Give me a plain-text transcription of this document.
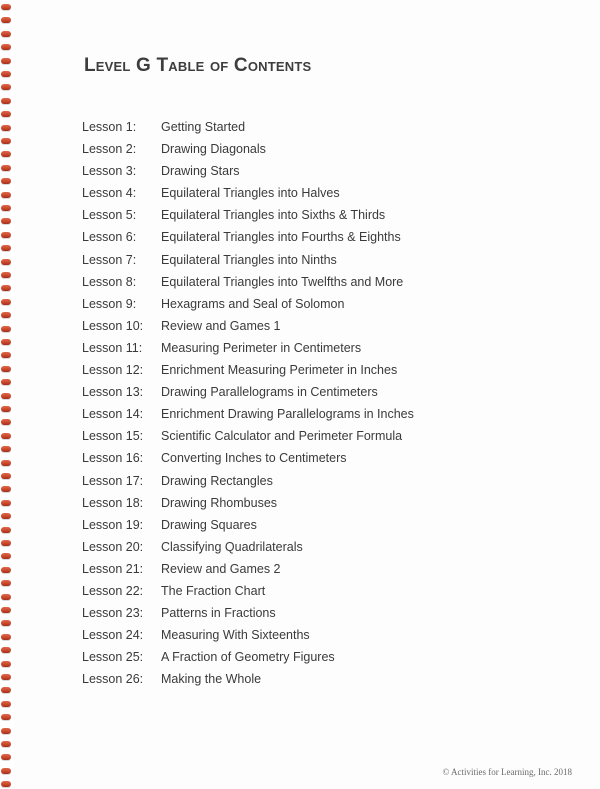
Level G Table of Contents
Lesson 1: Getting Started
Lesson 2: Drawing Diagonals
Lesson 3: Drawing Stars
Lesson 4: Equilateral Triangles into Halves
Lesson 5: Equilateral Triangles into Sixths & Thirds
Lesson 6: Equilateral Triangles into Fourths & Eighths
Lesson 7: Equilateral Triangles into Ninths
Lesson 8: Equilateral Triangles into Twelfths and More
Lesson 9: Hexagrams and Seal of Solomon
Lesson 10: Review and Games 1
Lesson 11: Measuring Perimeter in Centimeters
Lesson 12: Enrichment Measuring Perimeter in Inches
Lesson 13: Drawing Parallelograms in Centimeters
Lesson 14: Enrichment Drawing Parallelograms in Inches
Lesson 15: Scientific Calculator and Perimeter Formula
Lesson 16: Converting Inches to Centimeters
Lesson 17: Drawing Rectangles
Lesson 18: Drawing Rhombuses
Lesson 19: Drawing Squares
Lesson 20: Classifying Quadrilaterals
Lesson 21: Review and Games 2
Lesson 22: The Fraction Chart
Lesson 23: Patterns in Fractions
Lesson 24: Measuring With Sixteenths
Lesson 25: A Fraction of Geometry Figures
Lesson 26: Making the Whole
© Activities for Learning, Inc. 2018
